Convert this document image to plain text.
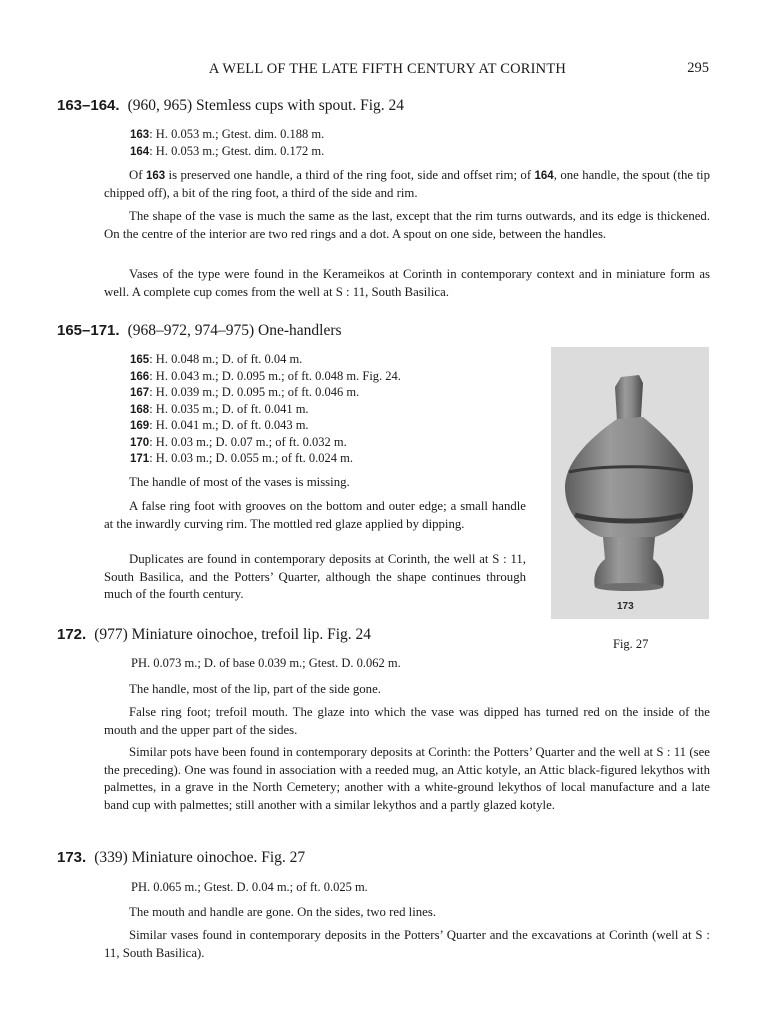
A WELL OF THE LATE FIFTH CENTURY AT CORINTH	295
163–164. (960, 965) Stemless cups with spout. Fig. 24
163: H. 0.053 m.; Gtest. dim. 0.188 m.
164: H. 0.053 m.; Gtest. dim. 0.172 m.
Of 163 is preserved one handle, a third of the ring foot, side and offset rim; of 164, one handle, the spout (the tip chipped off), a bit of the ring foot, a third of the side and rim.
The shape of the vase is much the same as the last, except that the rim turns outwards, and its edge is thickened. On the centre of the interior are two red rings and a dot. A spout on one side, between the handles.
Vases of the type were found in the Kerameikos at Corinth in contemporary context and in miniature form as well. A complete cup comes from the well at S : 11, South Basilica.
165–171. (968–972, 974–975) One-handlers
165: H. 0.048 m.; D. of ft. 0.04 m.
166: H. 0.043 m.; D. 0.095 m.; of ft. 0.048 m. Fig. 24.
167: H. 0.039 m.; D. 0.095 m.; of ft. 0.046 m.
168: H. 0.035 m.; D. of ft. 0.041 m.
169: H. 0.041 m.; D. of ft. 0.043 m.
170: H. 0.03 m.; D. 0.07 m.; of ft. 0.032 m.
171: H. 0.03 m.; D. 0.055 m.; of ft. 0.024 m.
The handle of most of the vases is missing.
A false ring foot with grooves on the bottom and outer edge; a small handle at the inwardly curving rim. The mottled red glaze applied by dipping.
Duplicates are found in contemporary deposits at Corinth, the well at S : 11, South Basilica, and the Potters’ Quarter, although the shape continues through much of the fourth century.
173
Fig. 27
172. (977) Miniature oinochoe, trefoil lip. Fig. 24
PH. 0.073 m.; D. of base 0.039 m.; Gtest. D. 0.062 m.
The handle, most of the lip, part of the side gone.
False ring foot; trefoil mouth. The glaze into which the vase was dipped has turned red on the inside of the mouth and the upper part of the sides.
Similar pots have been found in contemporary deposits at Corinth: the Potters’ Quarter and the well at S : 11 (see the preceding). One was found in association with a reeded mug, an Attic kotyle, an Attic black-figured lekythos with palmettes, in a grave in the North Cemetery; another with a white-ground lekythos of local manufacture and a late band cup with palmettes; still another with a similar lekythos and a partly glazed kotyle.
173. (339) Miniature oinochoe. Fig. 27
PH. 0.065 m.; Gtest. D. 0.04 m.; of ft. 0.025 m.
The mouth and handle are gone. On the sides, two red lines.
Similar vases found in contemporary deposits in the Potters’ Quarter and the excavations at Corinth (well at S : 11, South Basilica).
